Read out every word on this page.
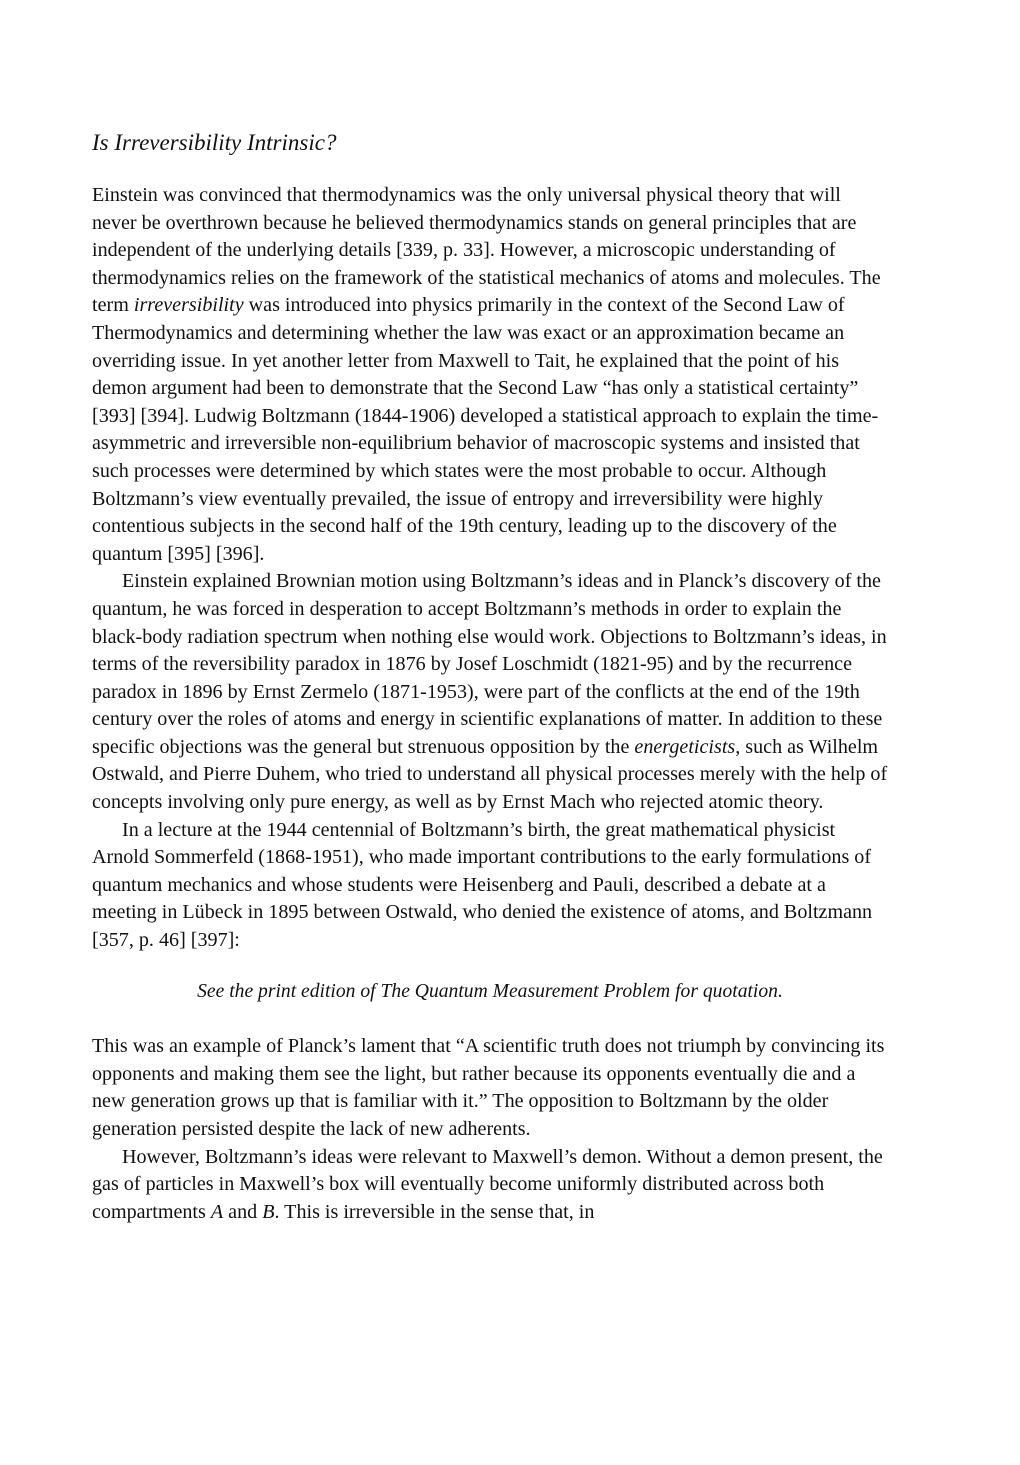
Is Irreversibility Intrinsic?

Einstein was convinced that thermodynamics was the only universal physical theory that will never be overthrown because he believed thermodynamics stands on general principles that are independent of the underlying details [339, p. 33]. However, a microscopic understanding of thermodynamics relies on the framework of the statistical mechanics of atoms and molecules. The term irreversibility was introduced into physics primarily in the context of the Second Law of Thermodynamics and determining whether the law was exact or an approximation became an overriding issue. In yet another letter from Maxwell to Tait, he explained that the point of his demon argument had been to demonstrate that the Second Law “has only a statistical certainty” [393] [394]. Ludwig Boltzmann (1844-1906) developed a statistical approach to explain the time-asymmetric and irreversible non-equilibrium behavior of macroscopic systems and insisted that such processes were determined by which states were the most probable to occur. Although Boltzmann’s view eventually prevailed, the issue of entropy and irreversibility were highly contentious subjects in the second half of the 19th century, leading up to the discovery of the quantum [395] [396].

Einstein explained Brownian motion using Boltzmann’s ideas and in Planck’s discovery of the quantum, he was forced in desperation to accept Boltzmann’s methods in order to explain the black-body radiation spectrum when nothing else would work. Objections to Boltzmann’s ideas, in terms of the reversibility paradox in 1876 by Josef Loschmidt (1821-95) and by the recurrence paradox in 1896 by Ernst Zermelo (1871-1953), were part of the conflicts at the end of the 19th century over the roles of atoms and energy in scientific explanations of matter. In addition to these specific objections was the general but strenuous opposition by the energeticists, such as Wilhelm Ostwald, and Pierre Duhem, who tried to understand all physical processes merely with the help of concepts involving only pure energy, as well as by Ernst Mach who rejected atomic theory.

In a lecture at the 1944 centennial of Boltzmann’s birth, the great mathematical physicist Arnold Sommerfeld (1868-1951), who made important contributions to the early formulations of quantum mechanics and whose students were Heisenberg and Pauli, described a debate at a meeting in Lübeck in 1895 between Ostwald, who denied the existence of atoms, and Boltzmann [357, p. 46] [397]:

See the print edition of The Quantum Measurement Problem for quotation.

This was an example of Planck’s lament that “A scientific truth does not triumph by convincing its opponents and making them see the light, but rather because its opponents eventually die and a new generation grows up that is familiar with it.” The opposition to Boltzmann by the older generation persisted despite the lack of new adherents.

However, Boltzmann’s ideas were relevant to Maxwell’s demon. Without a demon present, the gas of particles in Maxwell’s box will eventually become uniformly distributed across both compartments A and B. This is irreversible in the sense that, in
